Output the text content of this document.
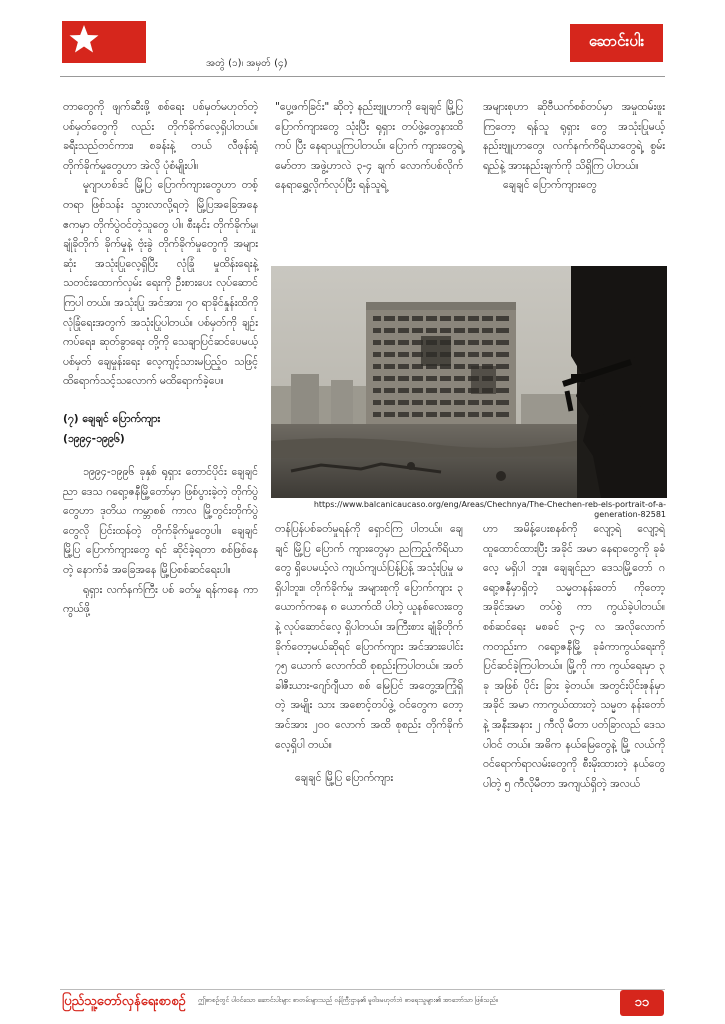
အတွဲ (၁)၊ အမှတ် (၄)
ဆောင်းပါး

တာတွေကို ဖျက်ဆီးဖို့ စစ်ရေး ပစ်မှတ်မဟုတ်တဲ့ ပစ်မှတ်တွေကို လည်း တိုက်ခိုက်လေ့ရှိပါတယ်။ ခရီးသည်တင်ကား၊ စခန်းနဲ့ တယ် လီဖုန်းရုံ တိုက်ခိုက်မှုတွေဟာ အဲလို ပုံစံမျိုးပါ။

မူဂျာဟစ်ဒင် မြို့ပြ ပြောက်ကျားတွေဟာ တစ့်တရာ ဖြစ်သန်း သွားလာလို့ရတဲ့ မြို့ပြအခြေအနေ ဧကမှာ တိုက်ပွဲဝင်တဲ့သူတွေ ပါ။ စီးနင်း တိုက်ခိုက်မှု၊ ချုံခိုတိုက် ခိုက်မှုနဲ့ ဗုံးခွဲ တိုက်ခိုက်မှုတွေကို အများဆုံး အသုံးပြုလေ့ရှိပြီး လုံခြုံ မှုထိန်းရေးနဲ့ သတင်းထောက်လှမ်း ရေးကို ဦးစားပေး လုပ်ဆောင်ကြပါ တယ်။ အသုံးပြု အင်အား၊ ၇၀ ရာခိုင်နှုန်းထိကို လုံခြုံရေးအတွက် အသုံးပြုပါတယ်။ ပစ်မှတ်ကို ချဉ်း ကပ်ရေး၊ ဆုတ်ခွာရေး တို့ကို သေချာပြင်ဆင်ပေမယ့် ပစ်မှတ် ချေမှုန်းရေး လေ့ကျင့်သားမပြည့်ဝ သဖြင့် ထိရောက်သင့်သလောက် မထိရောက်ခဲ့ပေ။

(၇) ချေချင် ပြောက်ကျား
(၁၉၉၄-၁၉၉၆)

၁၉၉၄-၁၉၉၆ ခုနှစ် ရုရှား တောင်ပိုင်း ချေချင်ညာ ဒေသ ဂရော့ဇနီမြို့တော်မှာ ဖြစ်ပွားခဲ့တဲ့ တိုက်ပွဲတွေဟာ ဒုတိယ ကမ္ဘာစစ် ကာလ မြို့တွင်းတိုက်ပွဲတွေလို ပြင်းထန်တဲ့ တိုက်ခိုက်မှုတွေပါ။ ချေချင် မြို့ပြ ပြောက်ကျားတွေ ရင် ဆိုင်ခဲ့ရတာ စစ်ဖြစ်နေတဲ့ နောက်ခံ အခြေအနေ မြို့ပြစစ်ဆင်ရေးပါ။

ရုရှား လက်နက်ကြီး ပစ် ခတ်မှု ရန်ကနေ ကာကွယ်ဖို့

"ပွေ့ဖက်ခြင်း" ဆိုတဲ့ နည်းဗျူဟာကို ချေချင် မြို့ပြ ပြောက်ကျားတွေ သုံးပြီး ရုရှား တပ်ဖွဲ့တွေနားထိ ကပ် ပြီး နေရာယူကြပါတယ်။ ပြောက် ကျားတွေရဲ့ မော်တာ အဖွဲ့ဟာလဲ ၃-၄ ချက် လောက်ပစ်လိုက် နေရာရွှေ့လိုက်လုပ်ပြီး ရန်သူရဲ့

အများစုဟာ ဆိုဗီယက်စစ်တပ်မှာ အမှုထမ်းဖူးကြတော့ ရန်သူ ရုရှား တွေ အသုံးပြုမယ့် နည်းဗျူဟာတွေ၊ လက်နက်ကိရိယာတွေရဲ့ စွမ်း ရည်နဲ့ အားနည်းချက်ကို သိရှိကြ ပါတယ်။

ချေချင် ပြောက်ကျားတွေ

https://www.balcanicaucaso.org/eng/Areas/Chechnya/The-Chechen-reb-els-portrait-of-a-generation-82581

တန်ပြန်ပစ်ခတ်မှုရန်ကို ရှောင်ကြ ပါတယ်။ ချေချင် မြို့ပြ ပြောက် ကျားတွေမှာ ညကြည့်ကိရိယာတွေ ရှိပေမယ့်လဲ ကျယ်ကျယ်ပြန့်ပြန့် အသုံးပြုမှု မရှိပါဘူး။ တိုက်ခိုက်မှု အများစုကို ပြောက်ကျား ၃ ယောက်ကနေ ၈ ယောက်ထိ ပါတဲ့ ယူနစ်လေးတွေနဲ့ လုပ်ဆောင်လေ့ ရှိပါတယ်။ အကြီးစား ချုံခိုတိုက် ခိုက်တော့မယ်ဆိုရင် ပြောက်ကျား အင်အားပေါင်း ၇၅ ယောက် လောက်ထိ စုစည်းကြပါတယ်။ အတ်ခါဇီးယား-ဂျော်ဂျီယာ စစ် မြေပြင် အတွေ့အကြုံရှိတဲ့ အမျိုး သား အစောင့်တပ်ဖွဲ့ ဝင်တွေက တော့ အင်အား ၂၀၀ လောက် အထိ စုစည်း တိုက်ခိုက်လေ့ရှိပါ တယ်။

ချေချင် မြို့ပြ ပြောက်ကျား

ဟာ အမိန့်ပေးစနစ်ကို လျော့ရဲ လျော့ရဲ ထူထောင်ထားပြီး အခိုင် အမာ နေရာတွေကို ခုခံလေ့ မရှိပါ ဘူး။ ချေချင်ညာ ဒေသမြို့တော် ဂရော့ဇနီမှာရှိတဲ့ သမ္မတနန်းတော် ကိုတော့ အခိုင်အမာ တပ်စွဲ ကာ ကွယ်ခဲ့ပါတယ်။ စစ်ဆင်ရေး မစခင် ၃-၄ လ အလိုလောက်ကတည်းက ဂရော့ဇနီမြို့ ခုခံကာကွယ်ရေးကို ပြင်ဆင်ခဲ့ကြပါတယ်။ မြို့ကို ကာ ကွယ်ရေးမှာ ၃ ခု အဖြစ် ပိုင်း ခြား ခဲ့တယ်။ အတွင်းပိုင်းဇုန်မှာ အခိုင် အမာ ကာကွယ်ထားတဲ့ သမ္မတ နန်းတော်နဲ့ အနီးအနား ၂ ကီလို မီတာ ပတ်ခြာလည် ဒေသ ပါဝင် တယ်။ အဓိက နယ်မြေတွေနဲ့ မြို့ လယ်ကိုဝင်ရောက်ရာလမ်းတွေကို စီးမိုးထားတဲ့ နယ်တွေပါတဲ့ ၅ ကီလိုမီတာ အကျယ်ရှိတဲ့ အလယ်

ပြည်သူ့တော်လှန်ရေးစာစဉ် ဤစာစဉ်တွင် ပါဝင်သော ဆောင်းပါးများ စာတမ်းများသည် ဝန်ကြီးဌာန၏ မူဝါဒမဟုတ်ဘဲ စာရေးသူများ၏ အာဘော်သာ ဖြစ်သည်။	၁၁
